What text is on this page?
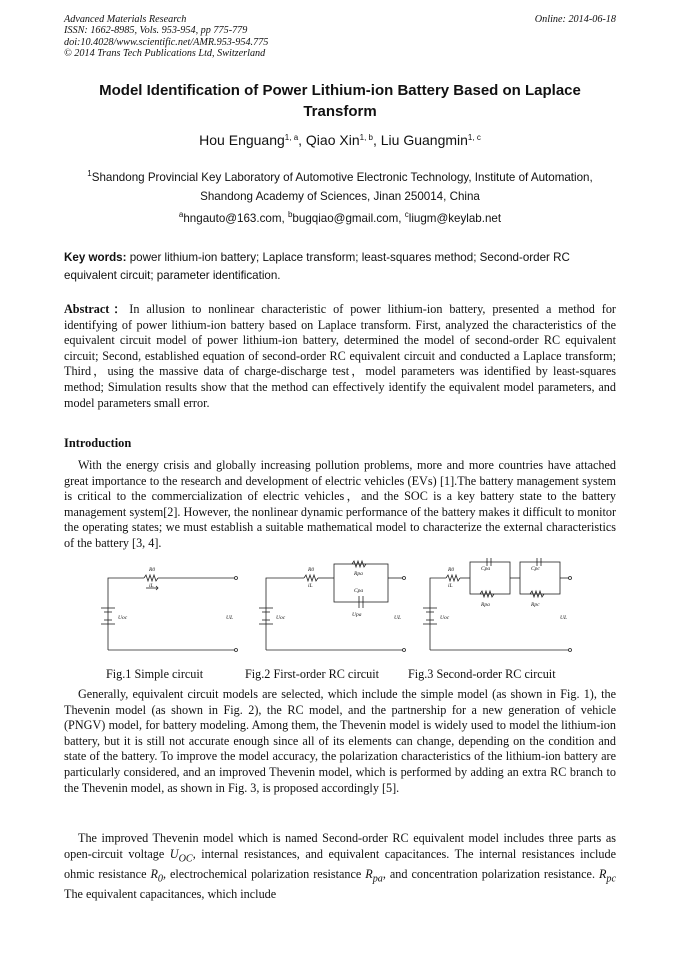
Advanced Materials Research	Online: 2014-06-18
ISSN: 1662-8985, Vols. 953-954, pp 775-779
doi:10.4028/www.scientific.net/AMR.953-954.775
© 2014 Trans Tech Publications Ltd, Switzerland
Model Identification of Power Lithium-ion Battery Based on Laplace Transform
Hou Enguang$^{1, a}$, Qiao Xin$^{1, b}$, Liu Guangmin$^{1, c}$
$^1$Shandong Provincial Key Laboratory of Automotive Electronic Technology, Institute of Automation, Shandong Academy of Sciences, Jinan 250014, China
$^a$hngauto@163.com, $^b$bugqiao@gmail.com, $^c$liugm@keylab.net
Key words: power lithium-ion battery; Laplace transform; least-squares method; Second-order RC equivalent circuit; parameter identification.
Abstract：In allusion to nonlinear characteristic of power lithium-ion battery, presented a method for identifying of power lithium-ion battery based on Laplace transform. First, analyzed the characteristics of the equivalent circuit model of power lithium-ion battery, determined the model of second-order RC equivalent circuit; Second, established equation of second-order RC equivalent circuit and conducted a Laplace transform; Third，using the massive data of charge-discharge test，model parameters was identified by least-squares method; Simulation results show that the method can effectively identify the equivalent model parameters, and model parameters small error.
Introduction
With the energy crisis and globally increasing pollution problems, more and more countries have attached great importance to the research and development of electric vehicles (EVs) [1].The battery management system is critical to the commercialization of electric vehicles，and the SOC is a key battery state to the battery management system[2]. However, the nonlinear dynamic performance of the battery makes it difficult to monitor the operating states; we must establish a suitable mathematical model to characterize the external characteristics of the battery [3, 4].
R0
iL
Uoc	UL
R0
iL
Rpa
Cpa
Upa
Uoc	UL
R0
iL
Cpa
Rpa
Cpc
Rpc
Uoc	UL
Fig.1 Simple circuit	Fig.2 First-order RC circuit Fig.3 Second-order RC circuit
Generally, equivalent circuit models are selected, which include the simple model (as shown in Fig. 1), the Thevenin model (as shown in Fig. 2), the RC model, and the partnership for a new generation of vehicle (PNGV) model, for battery modeling. Among them, the Thevenin model is widely used to model the lithium-ion battery, but it is still not accurate enough since all of its elements can change, depending on the condition and state of the battery. To improve the model accuracy, the polarization characteristics of the lithium-ion battery are particularly considered, and an improved Thevenin model, which is performed by adding an extra RC branch to the Thevenin model, as shown in Fig. 3, is proposed accordingly [5].
The improved Thevenin model which is named Second-order RC equivalent model includes three parts as open-circuit voltage $U_{OC}$, internal resistances, and equivalent capacitances. The internal resistances include ohmic resistance $R_0$, electrochemical polarization resistance $R_{pa}$, and concentration polarization resistance. $R_{pc}$ The equivalent capacitances, which include
